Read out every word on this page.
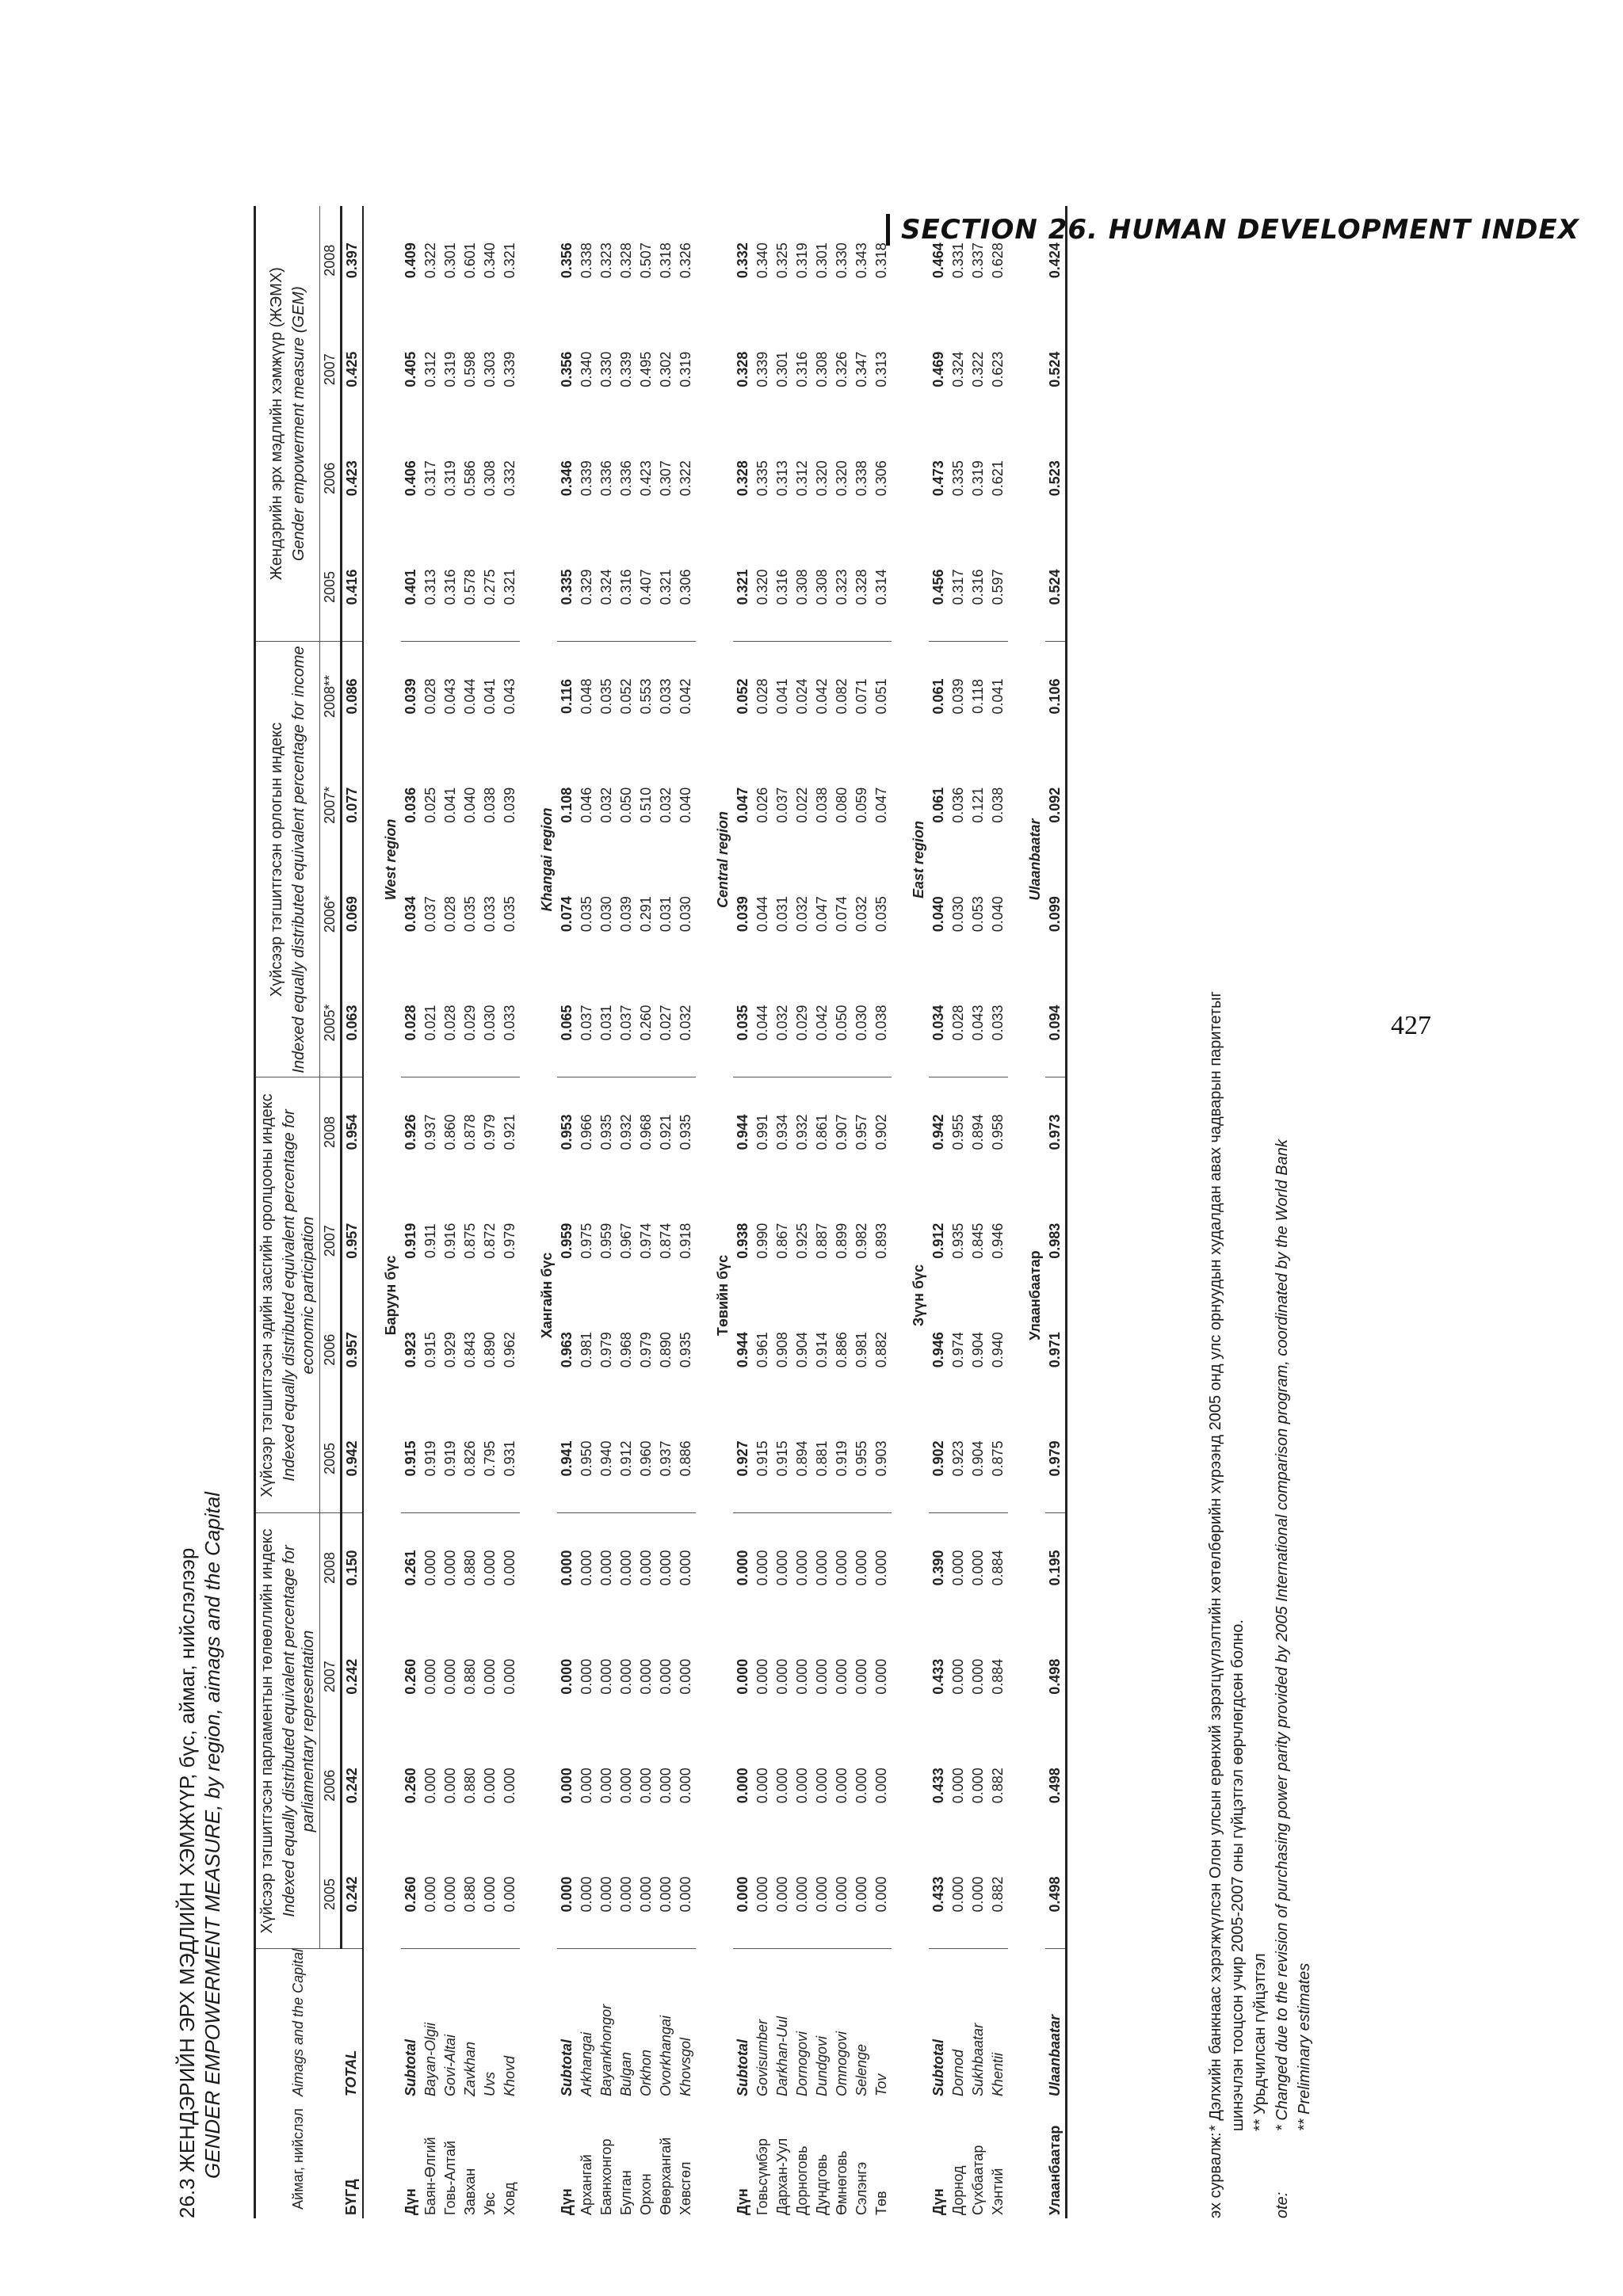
SECTION 26. HUMAN DEVELOPMENT INDEX
427
26.3 ЖЕНДЭРИЙН ЭРХ МЭДЛИЙН ХЭМЖҮҮР, бүс, аймаг, нийслэлээр GENDER EMPOWERMENT MEASURE, by region, aimags and the Capital	Аймаг, нийслэл	Aimags and the Capital	Хүйсээр тэгшитгэсэн парламентын төлөөллийн индекс Indexed equally distributed equivalent percentage for parliamentary representation				Хүйсээр тэгшитгэсэн эдийн засгийн оролцооны индекс Indexed equally distributed equivalent percentage for economic participation				Хүйсээр тэгшитгэсэн орлогын индекс Indexed equally distributed equivalent percentage for income				Жендэрийн эрх мэдлийн хэмжүүр (ЖЭМХ) Gender empowerment measure (GEM)			

		2005	2006	2007	2008	2005	2006	2007	2008	2005*	2006*	2007*	2008**	2005	2006	2007	2008
БҮГД	TOTAL	0.242	0.242	0.242	0.150	0.942	0.957	0.957	0.954	0.063	0.069	0.077	0.086	0.416	0.423	0.425	0.397

						Баруун бүс				West region							
Дүн	Subtotal	0.260	0.260	0.260	0.261	0.915	0.923	0.919	0.926	0.028	0.034	0.036	0.039	0.401	0.406	0.405	0.409
Баян-Өлгий	Bayan-Olgii	0.000	0.000	0.000	0.000	0.919	0.915	0.911	0.937	0.021	0.037	0.025	0.028	0.313	0.317	0.312	0.322
Говь-Алтай	Govi-Altai	0.000	0.000	0.000	0.000	0.919	0.929	0.916	0.860	0.028	0.028	0.041	0.043	0.316	0.319	0.319	0.301
Завхан	Zavkhan	0.880	0.880	0.880	0.880	0.826	0.843	0.875	0.878	0.029	0.035	0.040	0.044	0.578	0.586	0.598	0.601
Увс	Uvs	0.000	0.000	0.000	0.000	0.795	0.890	0.872	0.979	0.030	0.033	0.038	0.041	0.275	0.308	0.303	0.340
Ховд	Khovd	0.000	0.000	0.000	0.000	0.931	0.962	0.979	0.921	0.033	0.035	0.039	0.043	0.321	0.332	0.339	0.321

						Хангайн бүс				Khangai region							
Дүн	Subtotal	0.000	0.000	0.000	0.000	0.941	0.963	0.959	0.953	0.065	0.074	0.108	0.116	0.335	0.346	0.356	0.356
Архангай	Arkhangai	0.000	0.000	0.000	0.000	0.950	0.981	0.975	0.966	0.037	0.035	0.046	0.048	0.329	0.339	0.340	0.338
Баянхонгор	Bayankhongor	0.000	0.000	0.000	0.000	0.940	0.979	0.959	0.935	0.031	0.030	0.032	0.035	0.324	0.336	0.330	0.323
Булган	Bulgan	0.000	0.000	0.000	0.000	0.912	0.968	0.967	0.932	0.037	0.039	0.050	0.052	0.316	0.336	0.339	0.328
Орхон	Orkhon	0.000	0.000	0.000	0.000	0.960	0.979	0.974	0.968	0.260	0.291	0.510	0.553	0.407	0.423	0.495	0.507
Өвөрхангай	Ovorkhangai	0.000	0.000	0.000	0.000	0.937	0.890	0.874	0.921	0.027	0.031	0.032	0.033	0.321	0.307	0.302	0.318
Хөвсгөл	Khovsgol	0.000	0.000	0.000	0.000	0.886	0.935	0.918	0.935	0.032	0.030	0.040	0.042	0.306	0.322	0.319	0.326

						Төвийн бүс				Central region							
Дүн	Subtotal	0.000	0.000	0.000	0.000	0.927	0.944	0.938	0.944	0.035	0.039	0.047	0.052	0.321	0.328	0.328	0.332
Говьсүмбэр	Govisumber	0.000	0.000	0.000	0.000	0.915	0.961	0.990	0.991	0.044	0.044	0.026	0.028	0.320	0.335	0.339	0.340
Дархан-Уул	Darkhan-Uul	0.000	0.000	0.000	0.000	0.915	0.908	0.867	0.934	0.032	0.031	0.037	0.041	0.316	0.313	0.301	0.325
Дорноговь	Dornogovi	0.000	0.000	0.000	0.000	0.894	0.904	0.925	0.932	0.029	0.032	0.022	0.024	0.308	0.312	0.316	0.319
Дундговь	Dundgovi	0.000	0.000	0.000	0.000	0.881	0.914	0.887	0.861	0.042	0.047	0.038	0.042	0.308	0.320	0.308	0.301
Өмнөговь	Omnogovi	0.000	0.000	0.000	0.000	0.919	0.886	0.899	0.907	0.050	0.074	0.080	0.082	0.323	0.320	0.326	0.330
Сэлэнгэ	Selenge	0.000	0.000	0.000	0.000	0.955	0.981	0.982	0.957	0.030	0.032	0.059	0.071	0.328	0.338	0.347	0.343
Төв	Tov	0.000	0.000	0.000	0.000	0.903	0.882	0.893	0.902	0.038	0.035	0.047	0.051	0.314	0.306	0.313	0.318

						Зүүн бүс				East region							
Дүн	Subtotal	0.433	0.433	0.433	0.390	0.902	0.946	0.912	0.942	0.034	0.040	0.061	0.061	0.456	0.473	0.469	0.464
Дорнод	Dornod	0.000	0.000	0.000	0.000	0.923	0.974	0.935	0.955	0.028	0.030	0.036	0.039	0.317	0.335	0.324	0.331
Сүхбаатар	Sukhbaatar	0.000	0.000	0.000	0.000	0.904	0.904	0.845	0.894	0.043	0.053	0.121	0.118	0.316	0.319	0.322	0.337
Хэнтий	Khentii	0.882	0.882	0.884	0.884	0.875	0.940	0.946	0.958	0.033	0.040	0.038	0.041	0.597	0.621	0.623	0.628

						Улаанбаатар				Ulaanbaatar							
Улаанбаатар	Ulaanbaatar	0.498	0.498	0.498	0.195	0.979	0.971	0.983	0.973	0.094	0.099	0.092	0.106	0.524	0.523	0.524	0.424
эх сурвалж:
* Дэлхийн банкнаас хэрэгжүүлсэн Олон улсын ерөнхий зэрэгцүүлэлтийн хөтөлбөрийн хүрээнд 2005 онд улс орнуудын худалдан авах чадварын паритетыг шинэчлэн тооцсон учир 2005-2007 оны гүйцэтгэл өөрчлөгдсөн болно. ** Урьдчилсан гүйцэтгэл
ote:
* Changed due to the revision of purchasing power parity provided by 2005 International comparison program, coordinated by the World Bank ** Preliminary estimates
